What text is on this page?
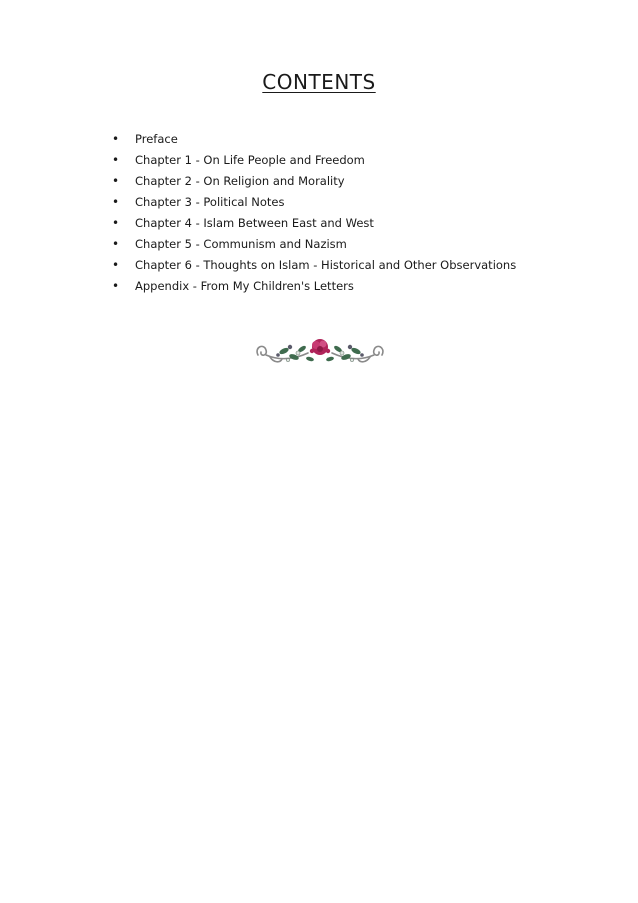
CONTENTS
•	Preface
•	Chapter 1 - On Life People and Freedom
•	Chapter 2 - On Religion and Morality
•	Chapter 3 - Political Notes
•	Chapter 4 - Islam Between East and West
•	Chapter 5 - Communism and Nazism
•	Chapter 6 - Thoughts on Islam - Historical and Other Observations
•	Appendix - From My Children's Letters
